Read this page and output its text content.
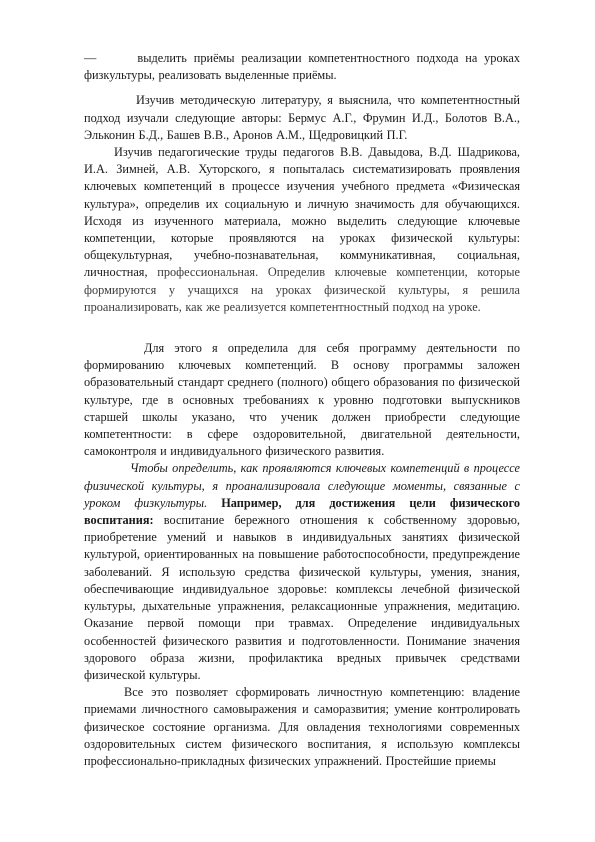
—	выделить приёмы реализации компетентностного подхода на уроках физкультуры, реализовать выделенные приёмы.

Изучив методическую литературу, я выяснила, что компетентностный подход изучали следующие авторы: Бермус А.Г., Фрумин И.Д., Болотов В.А., Эльконин Б.Д., Башев В.В., Аронов А.М., Щедровицкий П.Г.

Изучив педагогические труды педагогов В.В. Давыдова, В.Д. Шадрикова, И.А. Зимней, А.В. Хуторского, я попыталась систематизировать проявления ключевых компетенций в процессе изучения учебного предмета «Физическая культура», определив их социальную и личную значимость для обучающихся. Исходя из изученного материала, можно выделить следующие ключевые компетенции, которые проявляются на уроках физической культуры: общекультурная, учебно-познавательная, коммуникативная, социальная, личностная, профессиональная. Определив ключевые компетенции, которые формируются у учащихся на уроках физической культуры, я решила проанализировать, как же реализуется компетентностный подход на уроке.

Для этого я определила для себя программу деятельности по формированию ключевых компетенций. В основу программы заложен образовательный стандарт среднего (полного) общего образования по физической культуре, где в основных требованиях к уровню подготовки выпускников старшей школы указано, что ученик должен приобрести следующие компетентности: в сфере оздоровительной, двигательной деятельности, самоконтроля и индивидуального физического развития.

Чтобы определить, как проявляются ключевых компетенций в процессе физической культуры, я проанализировала следующие моменты, связанные с уроком физкультуры. Например, для достижения цели физического воспитания: воспитание бережного отношения к собственному здоровью, приобретение умений и навыков в индивидуальных занятиях физической культурой, ориентированных на повышение работоспособности, предупреждение заболеваний. Я использую средства физической культуры, умения, знания, обеспечивающие индивидуальное здоровье: комплексы лечебной физической культуры, дыхательные упражнения, релаксационные упражнения, медитацию. Оказание первой помощи при травмах. Определение индивидуальных особенностей физического развития и подготовленности. Понимание значения здорового образа жизни, профилактика вредных привычек средствами физической культуры.

Все это позволяет сформировать личностную компетенцию: владение приемами личностного самовыражения и саморазвития; умение контролировать физическое состояние организма. Для овладения технологиями современных оздоровительных систем физического воспитания, я использую комплексы профессионально-прикладных физических упражнений. Простейшие приемы
